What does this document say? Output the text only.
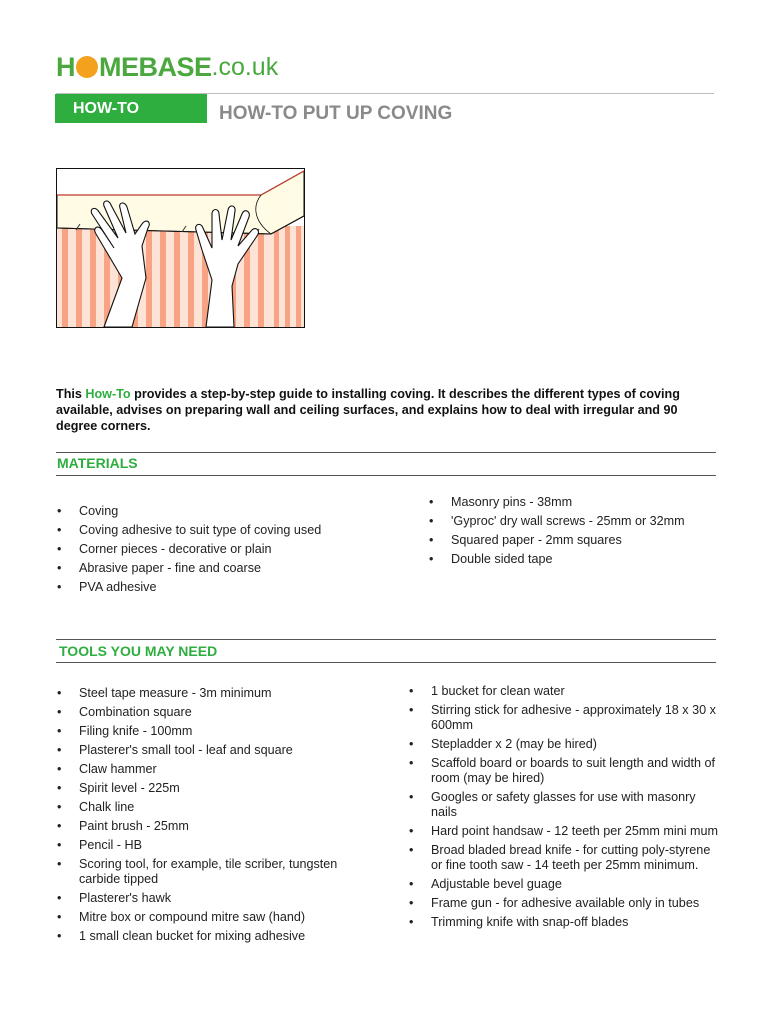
H MEBASE .co.uk
HOW-TO	HOW-TO PUT UP COVING
This How-To provides a step-by-step guide to installing coving. It describes the different types of coving available, advises on preparing wall and ceiling surfaces, and explains how to deal with irregular and 90 degree corners.
MATERIALS
• Coving
• Coving adhesive to suit type of coving used
• Corner pieces - decorative or plain
• Abrasive paper - fine and coarse
• PVA adhesive
• Masonry pins - 38mm
• 'Gyproc' dry wall screws - 25mm or 32mm
• Squared paper - 2mm squares
• Double sided tape
TOOLS YOU MAY NEED
• Steel tape measure - 3m minimum
• Combination square
• Filing knife - 100mm
• Plasterer's small tool - leaf and square
• Claw hammer
• Spirit level - 225m
• Chalk line
• Paint brush - 25mm
• Pencil - HB
• Scoring tool, for example, tile scriber, tungsten carbide tipped
• Plasterer's hawk
• Mitre box or compound mitre saw (hand)
• 1 small clean bucket for mixing adhesive
• 1 bucket for clean water
• Stirring stick for adhesive - approximately 18 x 30 x 600mm
• Stepladder x 2 (may be hired)
• Scaffold board or boards to suit length and width of room (may be hired)
• Googles or safety glasses for use with masonry nails
• Hard point handsaw - 12 teeth per 25mm mini mum
• Broad bladed bread knife - for cutting poly-styrene or fine tooth saw - 14 teeth per 25mm minimum.
• Adjustable bevel guage
• Frame gun - for adhesive available only in tubes
• Trimming knife with snap-off blades
